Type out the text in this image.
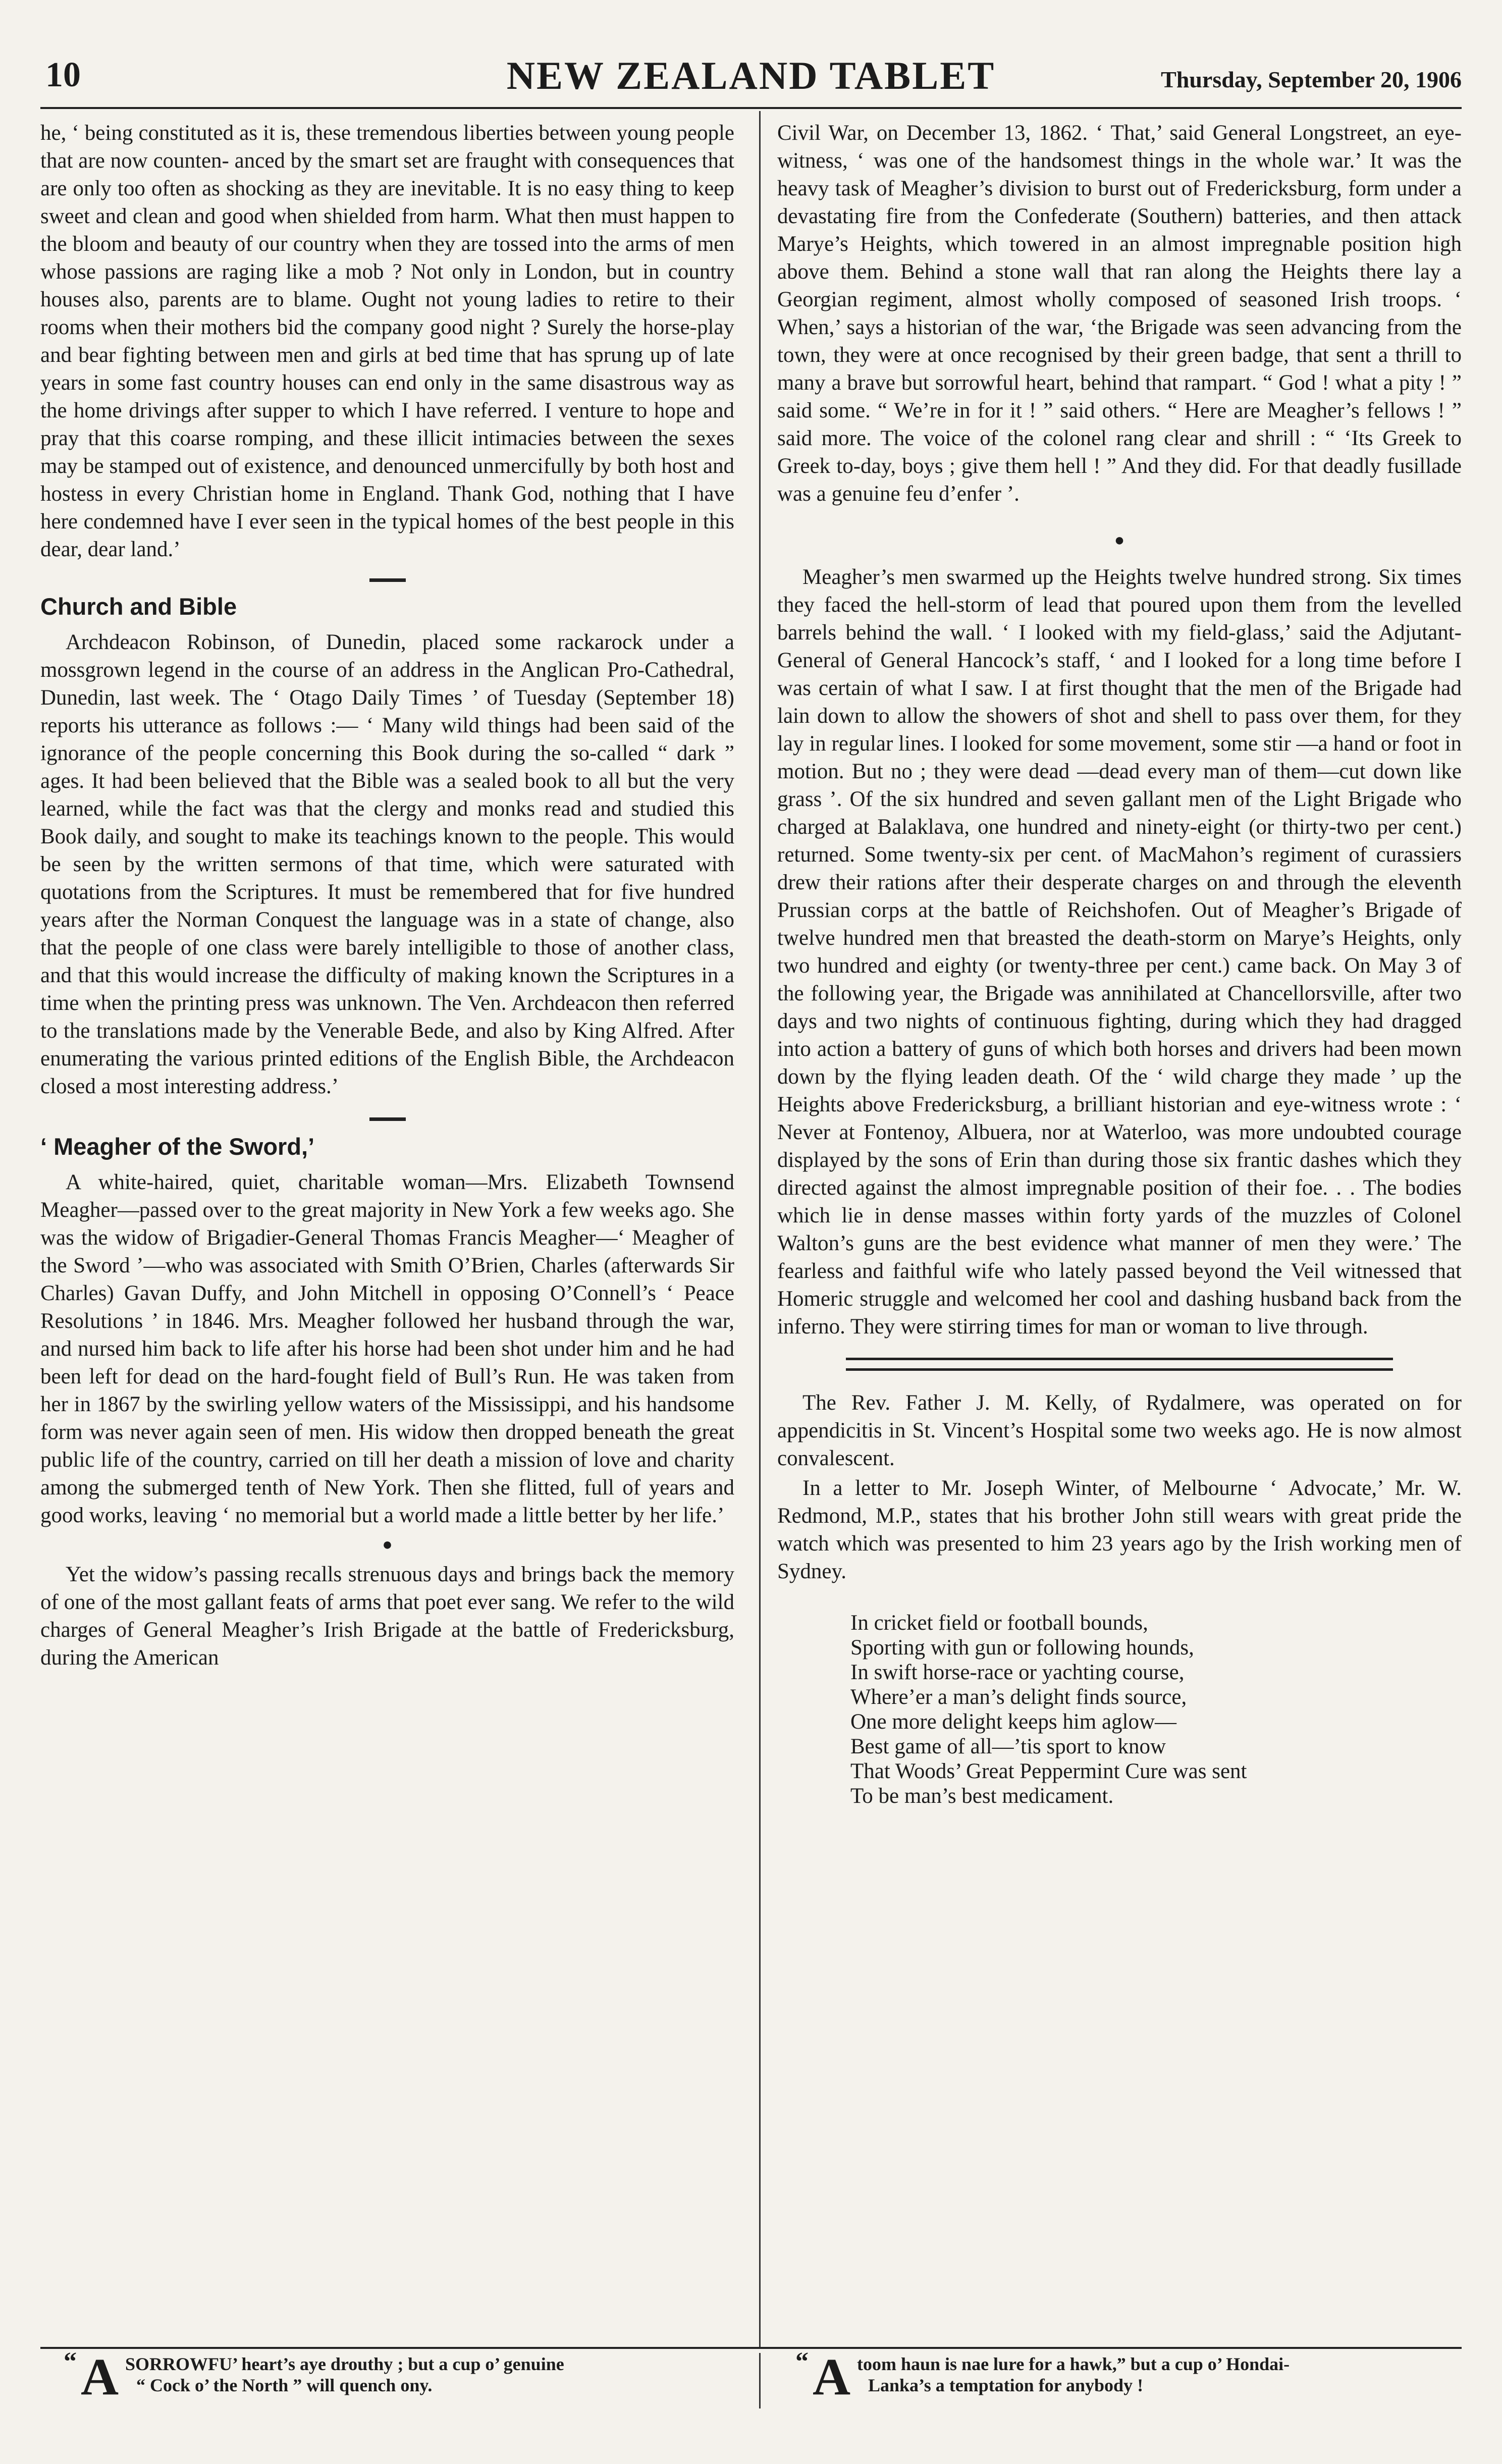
10	NEW ZEALAND TABLET	Thursday, September 20, 1906

he, ‘ being constituted as it is, these tremendous liberties between young people that are now counten- anced by the smart set are fraught with consequences that are only too often as shocking as they are inevitable. It is no easy thing to keep sweet and clean and good when shielded from harm. What then must happen to the bloom and beauty of our country when they are tossed into the arms of men whose passions are raging like a mob ? Not only in London, but in country houses also, parents are to blame. Ought not young ladies to retire to their rooms when their mothers bid the company good night ? Surely the horse-play and bear fighting between men and girls at bed time that has sprung up of late years in some fast country houses can end only in the same disastrous way as the home drivings after supper to which I have referred. I venture to hope and pray that this coarse romping, and these illicit intimacies between the sexes may be stamped out of existence, and denounced unmercifully by both host and hostess in every Christian home in England. Thank God, nothing that I have here condemned have I ever seen in the typical homes of the best people in this dear, dear land.’

Church and Bible

Archdeacon Robinson, of Dunedin, placed some rackarock under a mossgrown legend in the course of an address in the Anglican Pro-Cathedral, Dunedin, last week. The ‘ Otago Daily Times ’ of Tuesday (September 18) reports his utterance as follows :— ‘ Many wild things had been said of the ignorance of the people concerning this Book during the so-called “ dark ” ages. It had been believed that the Bible was a sealed book to all but the very learned, while the fact was that the clergy and monks read and studied this Book daily, and sought to make its teachings known to the people. This would be seen by the written sermons of that time, which were saturated with quotations from the Scriptures. It must be remembered that for five hundred years after the Norman Conquest the language was in a state of change, also that the people of one class were barely intelligible to those of another class, and that this would increase the difficulty of making known the Scriptures in a time when the printing press was unknown. The Ven. Archdeacon then referred to the translations made by the Venerable Bede, and also by King Alfred. After enumerating the various printed editions of the English Bible, the Archdeacon closed a most interesting address.’

‘ Meagher of the Sword,’

A white-haired, quiet, charitable woman—Mrs. Elizabeth Townsend Meagher—passed over to the great majority in New York a few weeks ago. She was the widow of Brigadier-General Thomas Francis Meagher—‘ Meagher of the Sword ’—who was associated with Smith O’Brien, Charles (afterwards Sir Charles) Gavan Duffy, and John Mitchell in opposing O’Connell’s ‘ Peace Resolutions ’ in 1846. Mrs. Meagher followed her husband through the war, and nursed him back to life after his horse had been shot under him and he had been left for dead on the hard-fought field of Bull’s Run. He was taken from her in 1867 by the swirling yellow waters of the Mississippi, and his handsome form was never again seen of men. His widow then dropped beneath the great public life of the country, carried on till her death a mission of love and charity among the submerged tenth of New York. Then she flitted, full of years and good works, leaving ‘ no memorial but a world made a little better by her life.’

●

Yet the widow’s passing recalls strenuous days and brings back the memory of one of the most gallant feats of arms that poet ever sang. We refer to the wild charges of General Meagher’s Irish Brigade at the battle of Fredericksburg, during the American

Civil War, on December 13, 1862. ‘ That,’ said General Longstreet, an eye-witness, ‘ was one of the handsomest things in the whole war.’ It was the heavy task of Meagher’s division to burst out of Fredericksburg, form under a devastating fire from the Confederate (Southern) batteries, and then attack Marye’s Heights, which towered in an almost impregnable position high above them. Behind a stone wall that ran along the Heights there lay a Georgian regiment, almost wholly composed of seasoned Irish troops. ‘ When,’ says a historian of the war, ‘the Brigade was seen advancing from the town, they were at once recognised by their green badge, that sent a thrill to many a brave but sorrowful heart, behind that rampart. “ God ! what a pity ! ” said some. “ We’re in for it ! ” said others. “ Here are Meagher’s fellows ! ” said more. The voice of the colonel rang clear and shrill : “ ‘Its Greek to Greek to-day, boys ; give them hell ! ” And they did. For that deadly fusillade was a genuine feu d’enfer ’.

●

Meagher’s men swarmed up the Heights twelve hundred strong. Six times they faced the hell-storm of lead that poured upon them from the levelled barrels behind the wall. ‘ I looked with my field-glass,’ said the Adjutant-General of General Hancock’s staff, ‘ and I looked for a long time before I was certain of what I saw. I at first thought that the men of the Brigade had lain down to allow the showers of shot and shell to pass over them, for they lay in regular lines. I looked for some movement, some stir —a hand or foot in motion. But no ; they were dead —dead every man of them—cut down like grass ’. Of the six hundred and seven gallant men of the Light Brigade who charged at Balaklava, one hundred and ninety-eight (or thirty-two per cent.) returned. Some twenty-six per cent. of MacMahon’s regiment of curassiers drew their rations after their desperate charges on and through the eleventh Prussian corps at the battle of Reichshofen. Out of Meagher’s Brigade of twelve hundred men that breasted the death-storm on Marye’s Heights, only two hundred and eighty (or twenty-three per cent.) came back. On May 3 of the following year, the Brigade was annihilated at Chancellorsville, after two days and two nights of continuous fighting, during which they had dragged into action a battery of guns of which both horses and drivers had been mown down by the flying leaden death. Of the ‘ wild charge they made ’ up the Heights above Fredericksburg, a brilliant historian and eye-witness wrote : ‘ Never at Fontenoy, Albuera, nor at Waterloo, was more undoubted courage displayed by the sons of Erin than during those six frantic dashes which they directed against the almost impregnable position of their foe. . . The bodies which lie in dense masses within forty yards of the muzzles of Colonel Walton’s guns are the best evidence what manner of men they were.’ The fearless and faithful wife who lately passed beyond the Veil witnessed that Homeric struggle and welcomed her cool and dashing husband back from the inferno. They were stirring times for man or woman to live through.

The Rev. Father J. M. Kelly, of Rydalmere, was operated on for appendicitis in St. Vincent’s Hospital some two weeks ago. He is now almost convalescent.

In a letter to Mr. Joseph Winter, of Melbourne ‘ Advocate,’ Mr. W. Redmond, M.P., states that his brother John still wears with great pride the watch which was presented to him 23 years ago by the Irish working men of Sydney.

In cricket field or football bounds,
Sporting with gun or following hounds,
In swift horse-race or yachting course,
Where’er a man’s delight finds source,
One more delight keeps him aglow—
Best game of all—’tis sport to know
That Woods’ Great Peppermint Cure was sent
To be man’s best medicament.
“ A SORROWFU’ heart’s aye drouthy ; but a cup o’ genuine
“ Cock o’ the North ” will quench ony.
“ A toom haun is nae lure for a hawk,” but a cup o’ Hondai-
Lanka’s a temptation for anybody !
